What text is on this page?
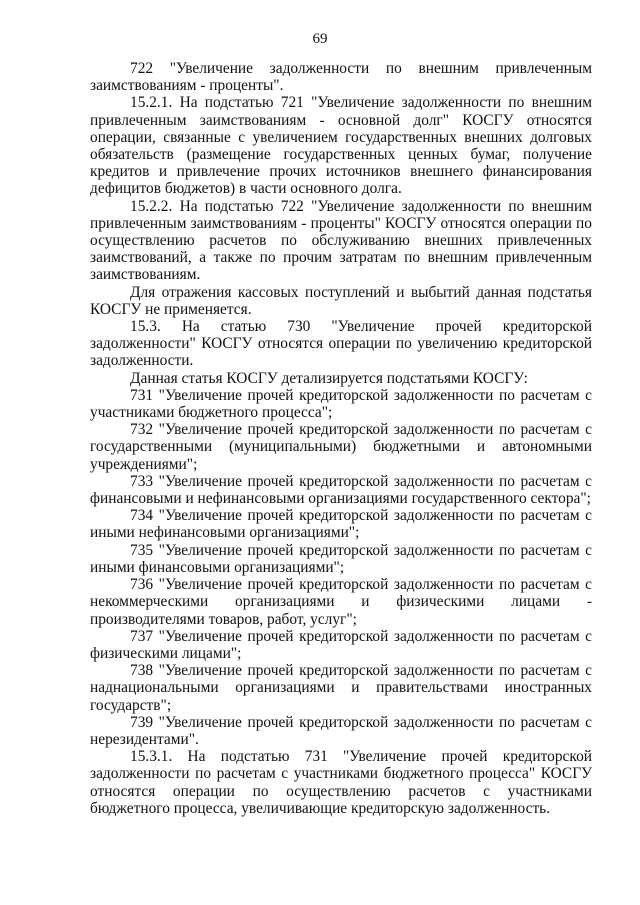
69

722 "Увеличение задолженности по внешним привлеченным заимствованиям - проценты".

15.2.1. На подстатью 721 "Увеличение задолженности по внешним привлеченным заимствованиям - основной долг" КОСГУ относятся операции, связанные с увеличением государственных внешних долговых обязательств (размещение государственных ценных бумаг, получение кредитов и привлечение прочих источников внешнего финансирования дефицитов бюджетов) в части основного долга.

15.2.2. На подстатью 722 "Увеличение задолженности по внешним привлеченным заимствованиям - проценты" КОСГУ относятся операции по осуществлению расчетов по обслуживанию внешних привлеченных заимствований, а также по прочим затратам по внешним привлеченным заимствованиям.

Для отражения кассовых поступлений и выбытий данная подстатья КОСГУ не применяется.

15.3. На статью 730 "Увеличение прочей кредиторской задолженности" КОСГУ относятся операции по увеличению кредиторской задолженности.

Данная статья КОСГУ детализируется подстатьями КОСГУ:

731 "Увеличение прочей кредиторской задолженности по расчетам с участниками бюджетного процесса";

732 "Увеличение прочей кредиторской задолженности по расчетам с государственными (муниципальными) бюджетными и автономными учреждениями";

733 "Увеличение прочей кредиторской задолженности по расчетам с финансовыми и нефинансовыми организациями государственного сектора";

734 "Увеличение прочей кредиторской задолженности по расчетам с иными нефинансовыми организациями";

735 "Увеличение прочей кредиторской задолженности по расчетам с иными финансовыми организациями";

736 "Увеличение прочей кредиторской задолженности по расчетам с некоммерческими организациями и физическими лицами - производителями товаров, работ, услуг";

737 "Увеличение прочей кредиторской задолженности по расчетам с физическими лицами";

738 "Увеличение прочей кредиторской задолженности по расчетам с наднациональными организациями и правительствами иностранных государств";

739 "Увеличение прочей кредиторской задолженности по расчетам с нерезидентами".

15.3.1. На подстатью 731 "Увеличение прочей кредиторской задолженности по расчетам с участниками бюджетного процесса" КОСГУ относятся операции по осуществлению расчетов с участниками бюджетного процесса, увеличивающие кредиторскую задолженность.
